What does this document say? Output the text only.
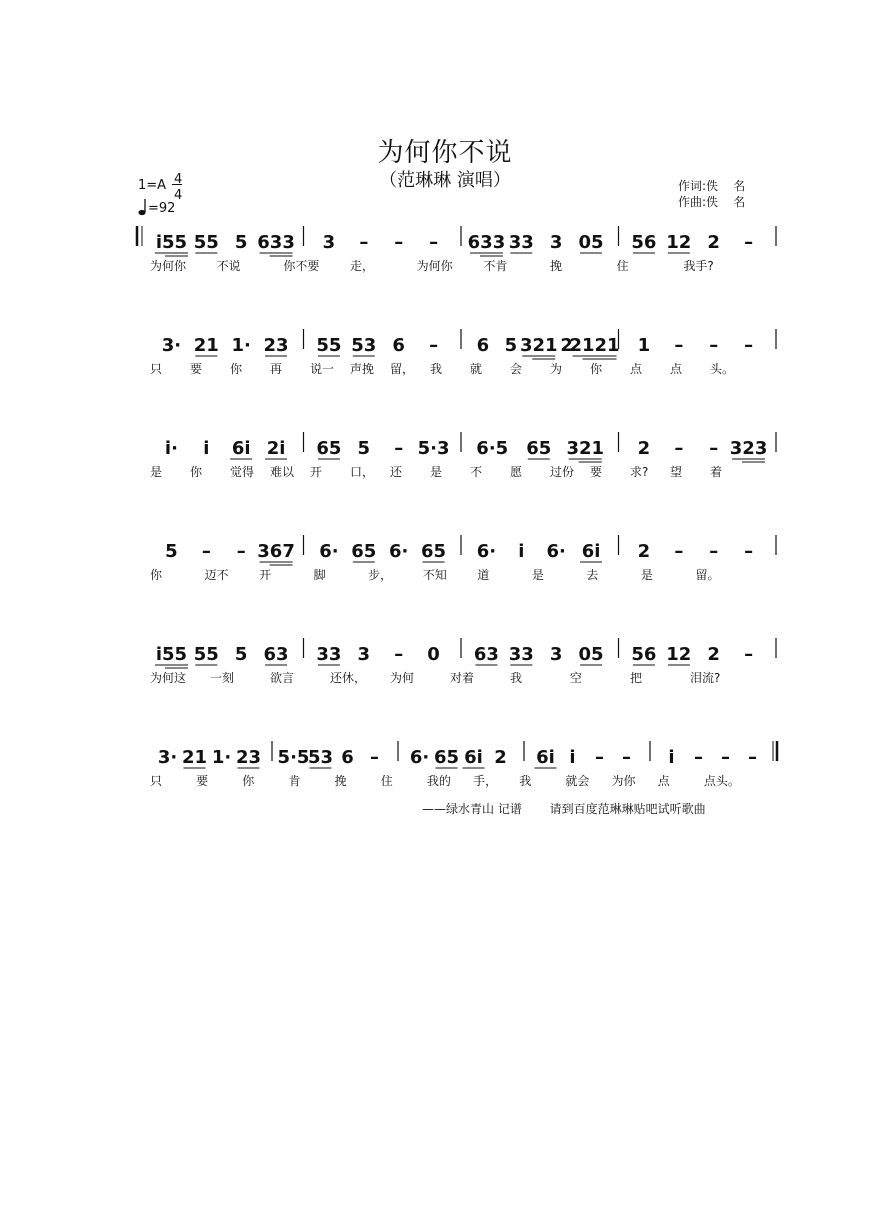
为何你不说
（范琳琳 演唱）
1=A 4
4
=92
作词:佚    名
作曲:佚    名
i55 55 5 633 3 – – – 633 33 3 05 56 12 2 –
为何你	不说	你不要	走，	为何你	不肯	挽	住	我手?
3· 21 1· 23 55 53 6 – 6 5 321 2
2121 1 – – –
只 要 你 再 说一 声挽 留， 我 就 会 为 你 点 点 头。
i· i 6i 2i 65 5 – 5·3 6·5 65 321 2 – – 323
是 你 觉得 难以 开 口， 还 是 不 愿 过份 要 求? 望 着
5 – – 367 6· 65 6· 65 6· i 6· 6i 2 – – –
你	迈不	开	脚	步，	不知	道	是	去	是	留。
i55 55 5 63 33 3 – 0 63 33 3 05 56 12 2 –
为何这 一刻	欲言	还休， 为何	对着	我	空	把	泪流?
3· 21 1· 23 5·5
53 6 – 6· 65 6i 2 6i i – – i – – –
只	要	你	肯	挽	住	我的 手， 我	就会 为你 点	点头。
——绿水青山 记谱 请到百度范琳琳贴吧试听歌曲
